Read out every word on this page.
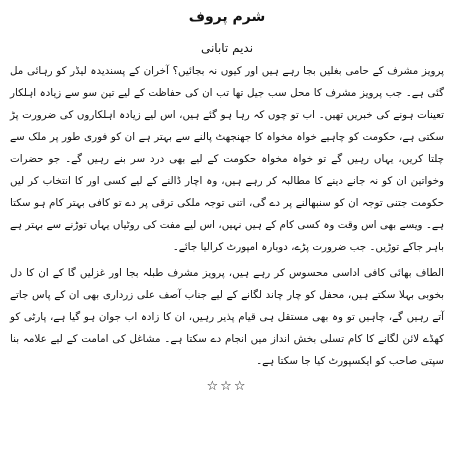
شرم پروف
ندیم تابانی

پرویز مشرف کے حامی بغلیں بجا رہے ہیں اور کیوں نہ بجائیں؟ آخران کے پسندیدہ لیڈر کو رہائی مل گئی ہے۔ جب پرویز مشرف کا محل سب جیل تھا تب ان کی حفاظت کے لیے تین سو سے زیادہ اہلکار تعینات ہونے کی خبریں تھیں۔ اب تو چوں کہ رہا ہو گئے ہیں، اس لیے زیادہ اہلکاروں کی ضرورت پڑ سکتی ہے، حکومت کو چاہیے خواہ مخواہ کا جھنجھٹ پالنے سے بہتر ہے ان کو فوری طور پر ملک سے چلتا کریں، یہاں رہیں گے تو خواہ مخواہ حکومت کے لیے بھی درد سر بنے رہیں گے۔ جو حضرات وخواتین ان کو نہ جانے دینے کا مطالبہ کر رہے ہیں، وہ اچار ڈالنے کے لیے کسی اور کا انتخاب کر لیں حکومت جتنی توجہ ان کو سنبھالنے پر دے گی، اتنی توجہ ملکی ترقی پر دے تو کافی بہتر کام ہو سکتا ہے۔ ویسے بھی اس وقت وہ کسی کام کے ہیں نہیں، اس لیے مفت کی روٹیاں یہاں توڑنے سے بہتر ہے باہر جاکے توڑیں۔ جب ضرورت پڑے، دوبارہ امپورٹ کرالیا جائے۔

الطاف بھائی کافی اداسی محسوس کر رہے ہیں، پرویز مشرف طبلہ بجا اور غزلیں گا کے ان کا دل بخوبی بہلا سکتے ہیں، محفل کو چار چاند لگانے کے لیے جناب آصف علی زرداری بھی ان کے پاس جاتے آتے رہیں گے، چاہیں تو وہ بھی مستقل ہی قیام پذیر رہیں، ان کا زادہ اب جوان ہو گیا ہے، پارٹی کو کھڈے لائن لگانے کا کام تسلی بخش انداز میں انجام دے سکتا ہے۔ مشاغل کی امامت کے لیے علامہ بنا سپتی صاحب کو ایکسپورٹ کیا جا سکتا ہے۔

☆☆☆
